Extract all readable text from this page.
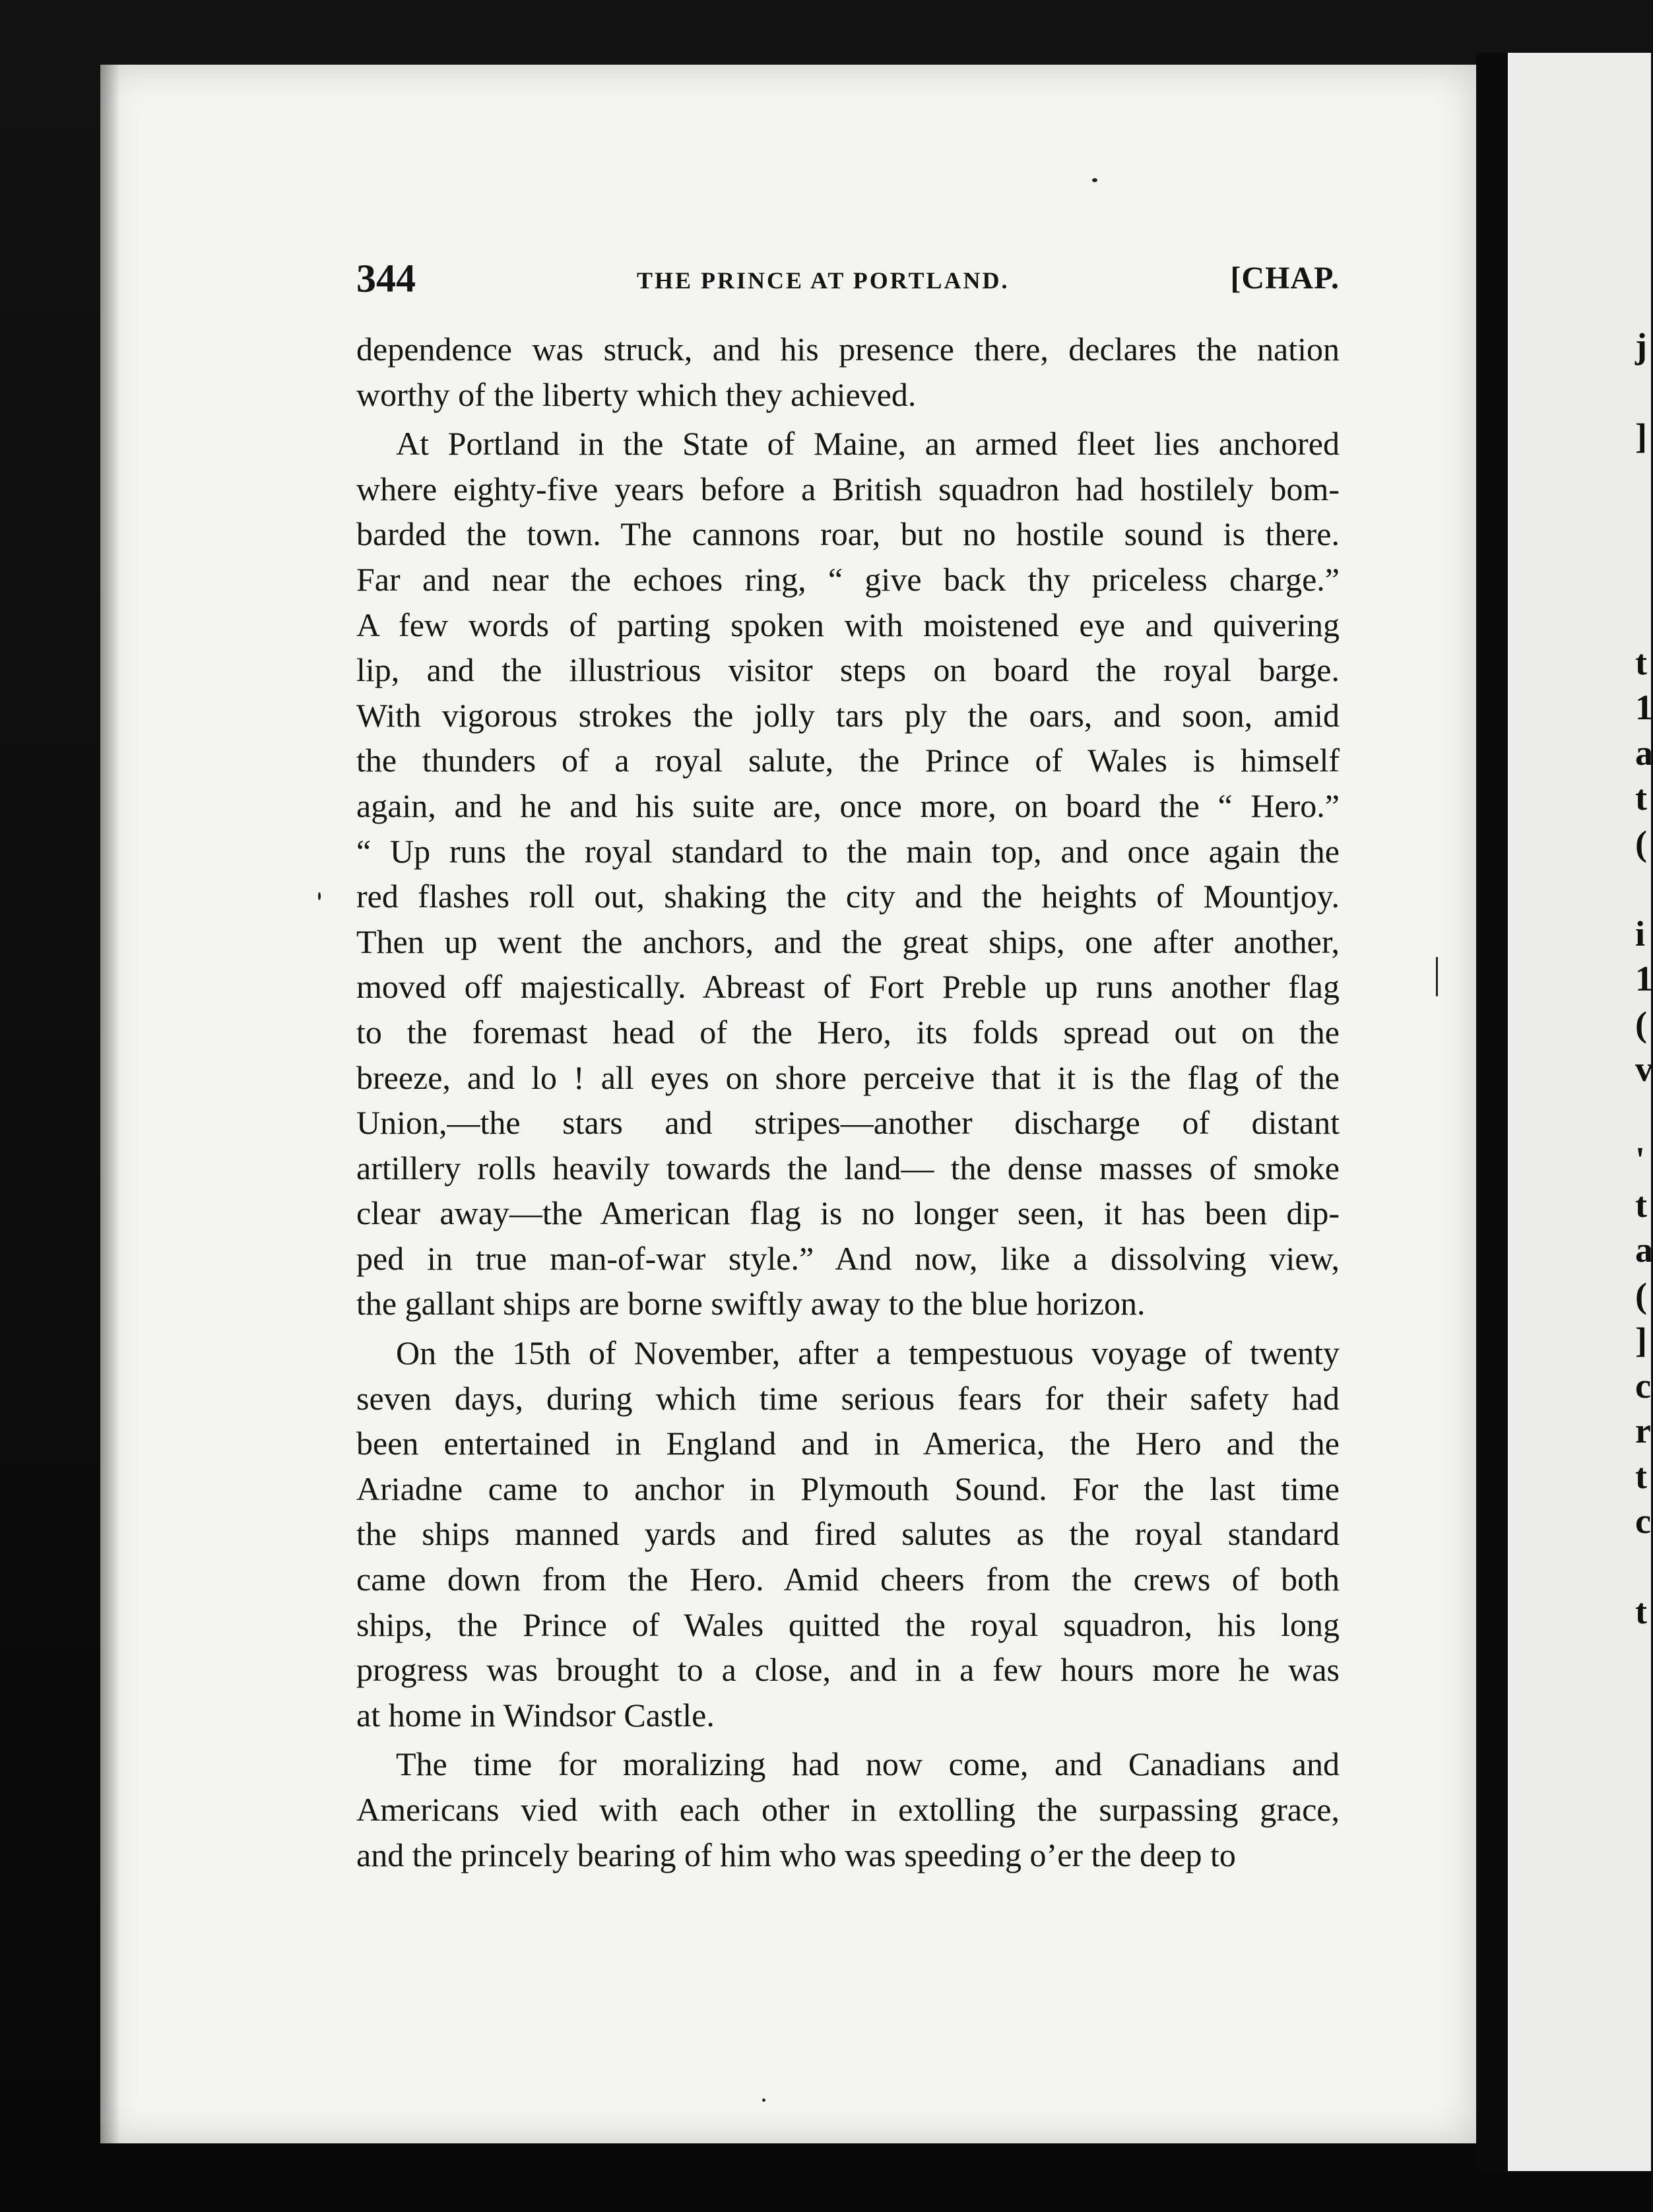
j

]

t
1
a
t
(

i
1
(
v

'
t
a
(
]
c
r
t
c

t
344	THE PRINCE AT PORTLAND.	[CHAP.
dependence was struck, and his presence there, declares the nation
worthy of the liberty which they achieved.
At Portland in the State of Maine, an armed fleet lies anchored
where eighty-five years before a British squadron had hostilely bom-
barded the town. The cannons roar, but no hostile sound is there.
Far and near the echoes ring, “ give back thy priceless charge.”
A few words of parting spoken with moistened eye and quivering
lip, and the illustrious visitor steps on board the royal barge.
With vigorous strokes the jolly tars ply the oars, and soon, amid
the thunders of a royal salute, the Prince of Wales is himself
again, and he and his suite are, once more, on board the “ Hero.”
“ Up runs the royal standard to the main top, and once again the
red flashes roll out, shaking the city and the heights of Mountjoy.
Then up went the anchors, and the great ships, one after another,
moved off majestically. Abreast of Fort Preble up runs another flag
to the foremast head of the Hero, its folds spread out on the
breeze, and lo ! all eyes on shore perceive that it is the flag of the
Union,—the stars and stripes—another discharge of distant
artillery rolls heavily towards the land— the dense masses of smoke
clear away—the American flag is no longer seen, it has been dip-
ped in true man-of-war style.” And now, like a dissolving view,
the gallant ships are borne swiftly away to the blue horizon.
On the 15th of November, after a tempestuous voyage of twenty
seven days, during which time serious fears for their safety had
been entertained in England and in America, the Hero and the
Ariadne came to anchor in Plymouth Sound. For the last time
the ships manned yards and fired salutes as the royal standard
came down from the Hero. Amid cheers from the crews of both
ships, the Prince of Wales quitted the royal squadron, his long
progress was brought to a close, and in a few hours more he was
at home in Windsor Castle.
The time for moralizing had now come, and Canadians and
Americans vied with each other in extolling the surpassing grace,
and the princely bearing of him who was speeding o’er the deep to
